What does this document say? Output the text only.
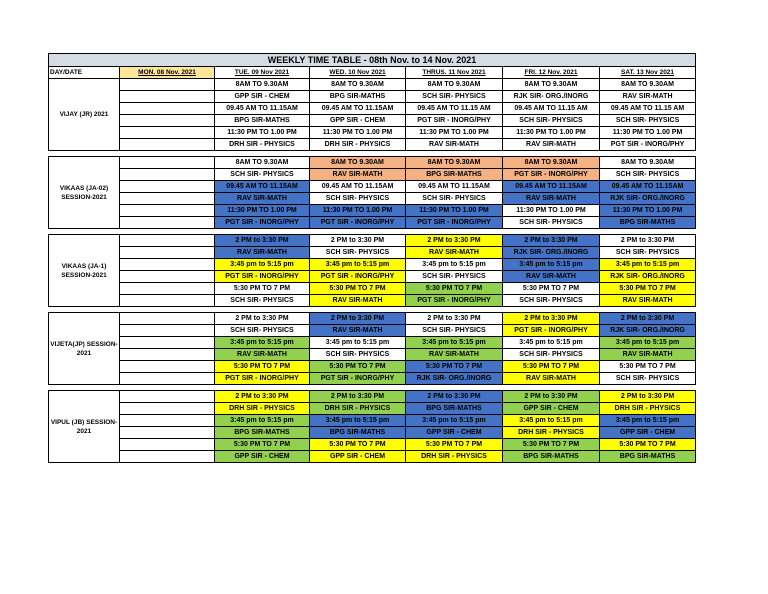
WEEKLY TIME TABLE - 08th Nov. to 14 Nov. 2021						
DAY/DATE	MON. 08 Nov. 2021	TUE. 09 Nov 2021	WED. 10 Nov 2021	THRUS. 11 Nov 2021	FRI. 12 Nov. 2021	SAT. 13 Nov 2021
VIJAY (JR) 2021		8AM TO 9.30AM	8AM TO 9.30AM	8AM TO 9.30AM	8AM TO 9.30AM	8AM TO 9.30AM
		GPP SIR - CHEM	BPG SIR-MATHS	SCH SIR- PHYSICS	RJK SIR- ORG./INORG	RAV SIR-MATH
		09.45 AM TO 11.15AM	09.45 AM TO 11.15AM	09.45 AM TO 11.15 AM	09.45 AM TO 11.15 AM	09.45 AM TO 11.15 AM
		BPG SIR-MATHS	GPP SIR - CHEM	PGT SIR - INORG/PHY	SCH SIR- PHYSICS	SCH SIR- PHYSICS
		11:30 PM TO 1.00 PM	11:30 PM TO 1.00 PM	11:30 PM TO 1.00 PM	11:30 PM TO 1.00 PM	11:30 PM TO 1.00 PM
		DRH SIR - PHYSICS	DRH SIR - PHYSICS	RAV SIR-MATH	RAV SIR-MATH	PGT SIR - INORG/PHY

VIKAAS (JA-02) SESSION-2021		8AM TO 9.30AM	8AM TO 9.30AM	8AM TO 9.30AM	8AM TO 9.30AM	8AM TO 9.30AM
		SCH SIR- PHYSICS	RAV SIR-MATH	BPG SIR-MATHS	PGT SIR - INORG/PHY	SCH SIR- PHYSICS
		09.45 AM TO 11.15AM	09.45 AM TO 11.15AM	09.45 AM TO 11.15AM	09.45 AM TO 11.15AM	09.45 AM TO 11.15AM
		RAV SIR-MATH	SCH SIR- PHYSICS	SCH SIR- PHYSICS	RAV SIR-MATH	RJK SIR- ORG./INORG
		11:30 PM TO 1.00 PM	11:30 PM TO 1.00 PM	11:30 PM TO 1.00 PM	11:30 PM TO 1.00 PM	11:30 PM TO 1.00 PM
		PGT SIR - INORG/PHY	PGT SIR - INORG/PHY	PGT SIR - INORG/PHY	SCH SIR- PHYSICS	BPG SIR-MATHS

VIKAAS (JA-1) SESSION-2021		2 PM to 3:30 PM	2 PM to 3:30 PM	2 PM to 3:30 PM	2 PM to 3:30 PM	2 PM to 3:30 PM
		RAV SIR-MATH	SCH SIR- PHYSICS	RAV SIR-MATH	RJK SIR- ORG./INORG	SCH SIR- PHYSICS
		3:45 pm to 5:15 pm	3:45 pm to 5:15 pm	3:45 pm to 5:15 pm	3:45 pm to 5:15 pm	3:45 pm to 5:15 pm
		PGT SIR - INORG/PHY	PGT SIR - INORG/PHY	SCH SIR- PHYSICS	RAV SIR-MATH	RJK SIR- ORG./INORG
		5:30 PM TO 7 PM	5:30 PM TO 7 PM	5:30 PM TO 7 PM	5:30 PM TO 7 PM	5:30 PM TO 7 PM
		SCH SIR- PHYSICS	RAV SIR-MATH	PGT SIR - INORG/PHY	SCH SIR- PHYSICS	RAV SIR-MATH

VIJETA(JP) SESSION-2021		2 PM to 3:30 PM	2 PM to 3:30 PM	2 PM to 3:30 PM	2 PM to 3:30 PM	2 PM to 3:30 PM
		SCH SIR- PHYSICS	RAV SIR-MATH	SCH SIR- PHYSICS	PGT SIR - INORG/PHY	RJK SIR- ORG./INORG
		3:45 pm to 5:15 pm	3:45 pm to 5:15 pm	3:45 pm to 5:15 pm	3:45 pm to 5:15 pm	3:45 pm to 5:15 pm
		RAV SIR-MATH	SCH SIR- PHYSICS	RAV SIR-MATH	SCH SIR- PHYSICS	RAV SIR-MATH
		5:30 PM TO 7 PM	5:30 PM TO 7 PM	5:30 PM TO 7 PM	5:30 PM TO 7 PM	5:30 PM TO 7 PM
		PGT SIR - INORG/PHY	PGT SIR - INORG/PHY	RJK SIR- ORG./INORG	RAV SIR-MATH	SCH SIR- PHYSICS

VIPUL (JB) SESSION-2021		2 PM to 3:30 PM	2 PM to 3:30 PM	2 PM to 3:30 PM	2 PM to 3:30 PM	2 PM to 3:30 PM
		DRH SIR - PHYSICS	DRH SIR - PHYSICS	BPG SIR-MATHS	GPP SIR - CHEM	DRH SIR - PHYSICS
		3:45 pm to 5:15 pm	3:45 pm to 5:15 pm	3:45 pm to 5:15 pm	3:45 pm to 5:15 pm	3:45 pm to 5:15 pm
		BPG SIR-MATHS	BPG SIR-MATHS	GPP SIR - CHEM	DRH SIR - PHYSICS	GPP SIR - CHEM
		5:30 PM TO 7 PM	5:30 PM TO 7 PM	5:30 PM TO 7 PM	5:30 PM TO 7 PM	5:30 PM TO 7 PM
		GPP SIR - CHEM	GPP SIR - CHEM	DRH SIR - PHYSICS	BPG SIR-MATHS	BPG SIR-MATHS
